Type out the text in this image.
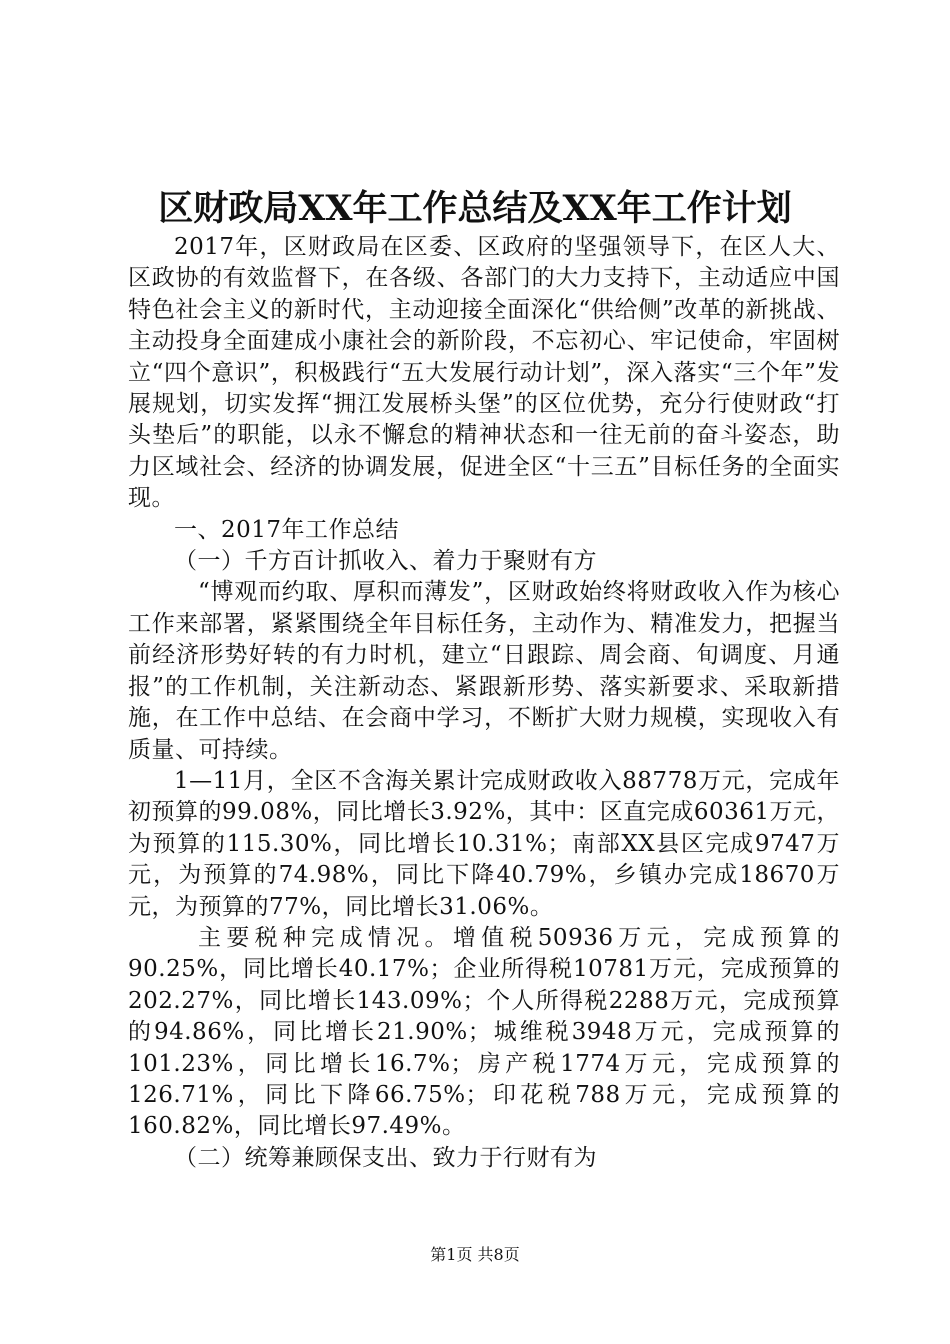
区财政局XX年工作总结及XX年工作计划

2017年，区财政局在区委、区政府的坚强领导下，在区人大、区政协的有效监督下，在各级、各部门的大力支持下，主动适应中国特色社会主义的新时代，主动迎接全面深化“供给侧”改革的新挑战、主动投身全面建成小康社会的新阶段，不忘初心、牢记使命，牢固树立“四个意识”，积极践行“五大发展行动计划”，深入落实“三个年”发展规划，切实发挥“拥江发展桥头堡”的区位优势，充分行使财政“打头垫后”的职能，以永不懈怠的精神状态和一往无前的奋斗姿态，助力区域社会、经济的协调发展，促进全区“十三五”目标任务的全面实现。

一、2017年工作总结

（一）千方百计抓收入、着力于聚财有方

“博观而约取、厚积而薄发”，区财政始终将财政收入作为核心工作来部署，紧紧围绕全年目标任务，主动作为、精准发力，把握当前经济形势好转的有力时机，建立“日跟踪、周会商、旬调度、月通报”的工作机制，关注新动态、紧跟新形势、落实新要求、采取新措施，在工作中总结、在会商中学习，不断扩大财力规模，实现收入有质量、可持续。

1—11月，全区不含海关累计完成财政收入88778万元，完成年初预算的99.08%，同比增长3.92%，其中：区直完成60361万元，为预算的115.30%，同比增长10.31%；南部XX县区完成9747万元，为预算的74.98%，同比下降40.79%，乡镇办完成18670万元，为预算的77%，同比增长31.06%。

主要税种完成情况。增值税50936万元，完成预算的90.25%，同比增长40.17%；企业所得税10781万元，完成预算的202.27%，同比增长143.09%；个人所得税2288万元，完成预算的94.86%，同比增长21.90%；城维税3948万元，完成预算的101.23%，同比增长16.7%；房产税1774万元，完成预算的126.71%，同比下降66.75%；印花税788万元，完成预算的160.82%，同比增长97.49%。

（二）统筹兼顾保支出、致力于行财有为

第1页 共8页
